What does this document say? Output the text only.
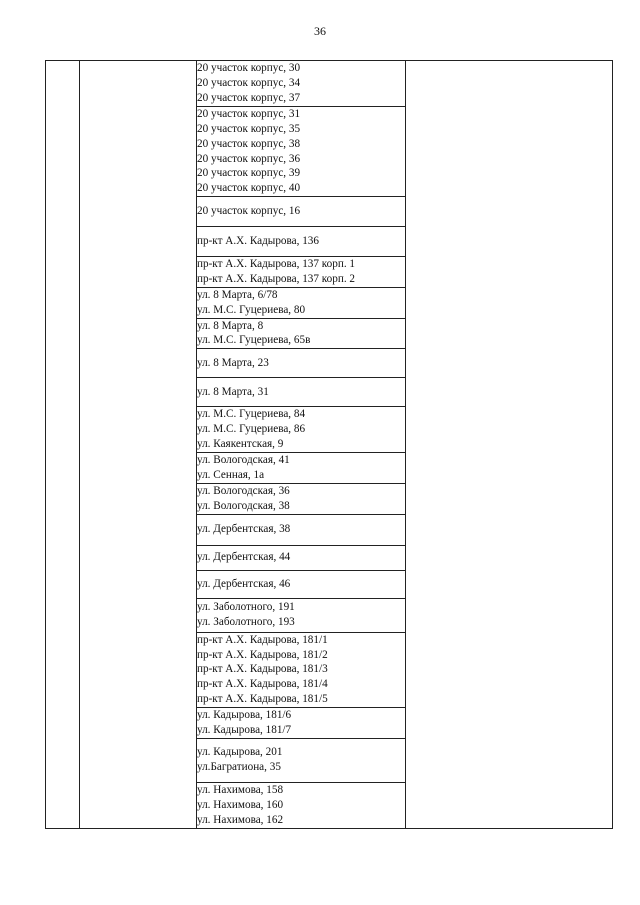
36

20 участок корпус, 30
20 участок корпус, 34
20 участок корпус, 37

20 участок корпус, 31
20 участок корпус, 35
20 участок корпус, 38
20 участок корпус, 36
20 участок корпус, 39
20 участок корпус, 40

20 участок корпус, 16

пр-кт А.Х. Кадырова, 136

пр-кт А.Х. Кадырова, 137 корп. 1
пр-кт А.Х. Кадырова, 137 корп. 2

ул. 8 Марта, 6/78
ул. М.С. Гуцериева, 80

ул. 8 Марта, 8
ул. М.С. Гуцериева, 65в

ул. 8 Марта, 23

ул. 8 Марта, 31

ул. М.С. Гуцериева, 84
ул. М.С. Гуцериева, 86
ул. Каякентская, 9

ул. Вологодская, 41
ул. Сенная, 1а

ул. Вологодская, 36
ул. Вологодская, 38

ул. Дербентская, 38

ул. Дербентская, 44

ул. Дербентская, 46

ул. Заболотного, 191
ул. Заболотного, 193

пр-кт А.Х. Кадырова, 181/1
пр-кт А.Х. Кадырова, 181/2
пр-кт А.Х. Кадырова, 181/3
пр-кт А.Х. Кадырова, 181/4
пр-кт А.Х. Кадырова, 181/5

ул. Кадырова, 181/6
ул. Кадырова, 181/7

ул. Кадырова, 201
ул.Багратиона, 35

ул. Нахимова, 158
ул. Нахимова, 160
ул. Нахимова, 162
